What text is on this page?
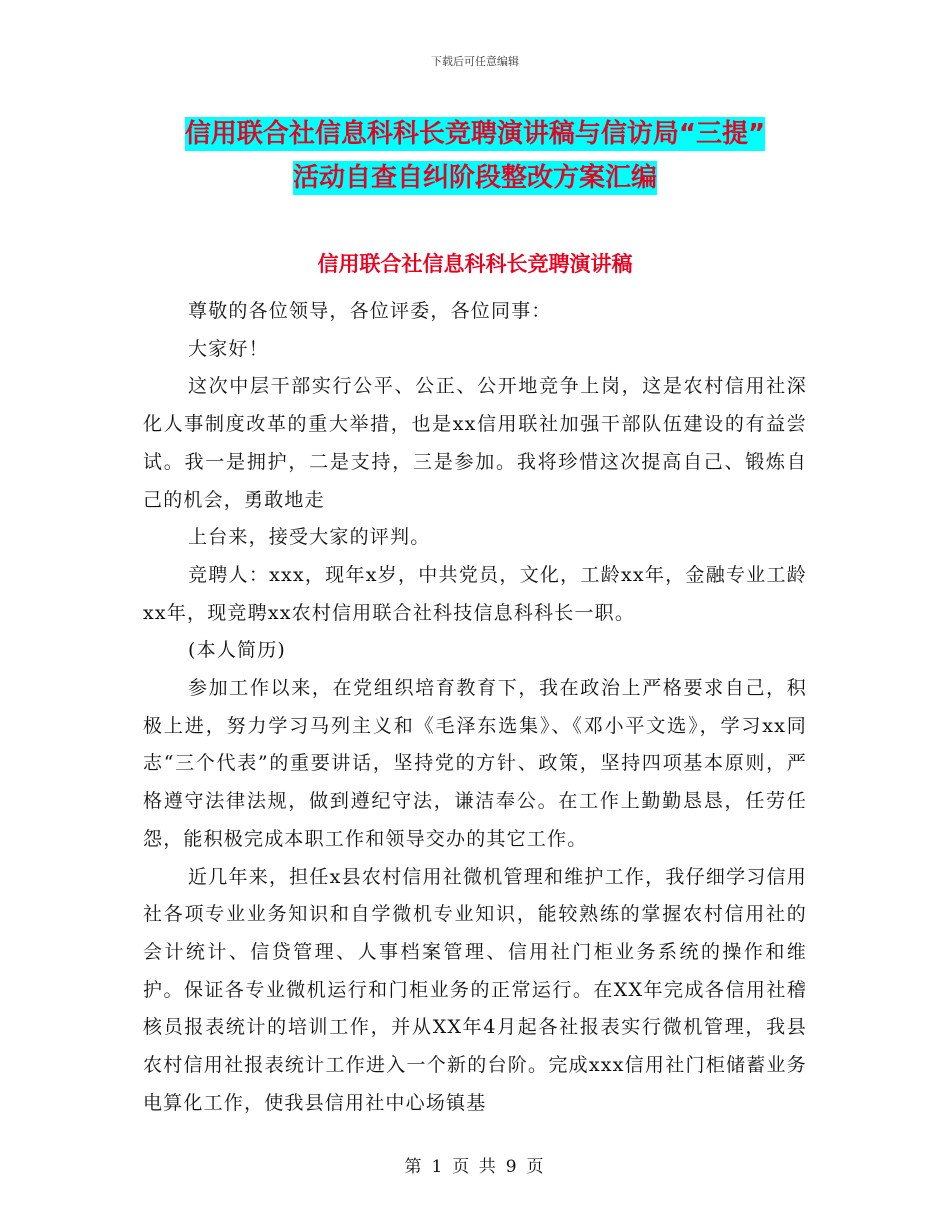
下载后可任意编辑
信用联合社信息科科长竞聘演讲稿与信访局“三提”
活动自查自纠阶段整改方案汇编
信用联合社信息科科长竞聘演讲稿

尊敬的各位领导，各位评委，各位同事：

大家好！

这次中层干部实行公平、公正、公开地竞争上岗，这是农村信用社深化人事制度改革的重大举措，也是xx信用联社加强干部队伍建设的有益尝试。我一是拥护，二是支持，三是参加。我将珍惜这次提高自己、锻炼自己的机会，勇敢地走

上台来，接受大家的评判。

竞聘人：xxx，现年x岁，中共党员，文化，工龄xx年，金融专业工龄xx年，现竞聘xx农村信用联合社科技信息科科长一职。

(本人简历)

参加工作以来，在党组织培育教育下，我在政治上严格要求自己，积极上进，努力学习马列主义和《毛泽东选集》、《邓小平文选》，学习xx同志“三个代表”的重要讲话，坚持党的方针、政策，坚持四项基本原则，严格遵守法律法规，做到遵纪守法，谦洁奉公。在工作上勤勤恳恳，任劳任怨，能积极完成本职工作和领导交办的其它工作。

近几年来，担任x县农村信用社微机管理和维护工作，我仔细学习信用社各项专业业务知识和自学微机专业知识，能较熟练的掌握农村信用社的会计统计、信贷管理、人事档案管理、信用社门柜业务系统的操作和维护。保证各专业微机运行和门柜业务的正常运行。在XX年完成各信用社稽核员报表统计的培训工作，并从XX年4月起各社报表实行微机管理，我县农村信用社报表统计工作进入一个新的台阶。完成xxx信用社门柜储蓄业务电算化工作，使我县信用社中心场镇基

第 1 页 共 9 页
